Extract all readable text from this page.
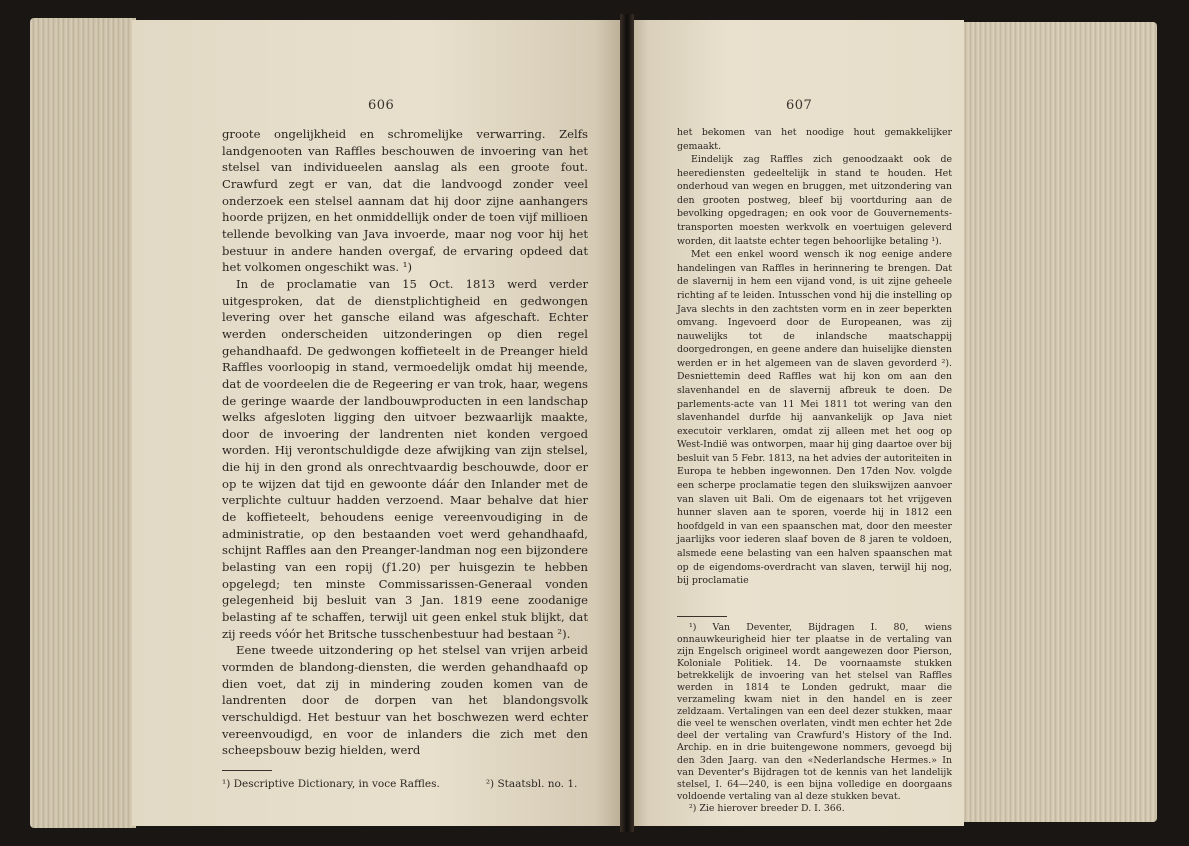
606

groote ongelijkheid en schromelijke verwarring. Zelfs landgenooten van Raffles beschouwen de invoering van het stelsel van individueelen aanslag als een groote fout. Crawfurd zegt er van, dat die landvoogd zonder veel onderzoek een stelsel aannam dat hij door zijne aanhangers hoorde prijzen, en het onmiddellijk onder de toen vijf millioen tellende bevolking van Java invoerde, maar nog voor hij het bestuur in andere handen overgaf, de ervaring opdeed dat het volkomen ongeschikt was. ¹)

In de proclamatie van 15 Oct. 1813 werd verder uitgesproken, dat de dienstplichtigheid en gedwongen levering over het gansche eiland was afgeschaft. Echter werden onderscheiden uitzonderingen op dien regel gehandhaafd. De gedwongen koffieteelt in de Preanger hield Raffles voorloopig in stand, vermoedelijk omdat hij meende, dat de voordeelen die de Regeering er van trok, haar, wegens de geringe waarde der landbouwproducten in een landschap welks afgesloten ligging den uitvoer bezwaarlijk maakte, door de invoering der landrenten niet konden vergoed worden. Hij verontschuldigde deze afwijking van zijn stelsel, die hij in den grond als onrechtvaardig beschouwde, door er op te wijzen dat tijd en gewoonte dáár den Inlander met de verplichte cultuur hadden verzoend. Maar behalve dat hier de koffieteelt, behoudens eenige vereenvoudiging in de administratie, op den bestaanden voet werd gehandhaafd, schijnt Raffles aan den Preanger-landman nog een bijzondere belasting van een ropij (ƒ1.20) per huisgezin te hebben opgelegd; ten minste Commissarissen-Generaal vonden gelegenheid bij besluit van 3 Jan. 1819 eene zoodanige belasting af te schaffen, terwijl uit geen enkel stuk blijkt, dat zij reeds vóór het Britsche tusschenbestuur had bestaan ²).

Eene tweede uitzondering op het stelsel van vrijen arbeid vormden de blandong-diensten, die werden gehandhaafd op dien voet, dat zij in mindering zouden komen van de landrenten door de dorpen van het blandongsvolk verschuldigd. Het bestuur van het boschwezen werd echter vereenvoudigd, en voor de inlanders die zich met den scheepsbouw bezig hielden, werd

¹) Descriptive Dictionary, in voce Raffles.	²) Staatsbl. no. 1.
607

het bekomen van het noodige hout gemakkelijker gemaakt.

Eindelijk zag Raffles zich genoodzaakt ook de heerediensten gedeeltelijk in stand te houden. Het onderhoud van wegen en bruggen, met uitzondering van den grooten postweg, bleef bij voortduring aan de bevolking opgedragen; en ook voor de Gouvernements-transporten moesten werkvolk en voertuigen geleverd worden, dit laatste echter tegen behoorlijke betaling ¹).

Met een enkel woord wensch ik nog eenige andere handelingen van Raffles in herinnering te brengen. Dat de slavernij in hem een vijand vond, is uit zijne geheele richting af te leiden. Intusschen vond hij die instelling op Java slechts in den zachtsten vorm en in zeer beperkten omvang. Ingevoerd door de Europeanen, was zij nauwelijks tot de inlandsche maatschappij doorgedrongen, en geene andere dan huiselijke diensten werden er in het algemeen van de slaven gevorderd ²). Desniettemin deed Raffles wat hij kon om aan den slavenhandel en de slavernij afbreuk te doen. De parlements-acte van 11 Mei 1811 tot wering van den slavenhandel durfde hij aanvankelijk op Java niet executoir verklaren, omdat zij alleen met het oog op West-Indië was ontworpen, maar hij ging daartoe over bij besluit van 5 Febr. 1813, na het advies der autoriteiten in Europa te hebben ingewonnen. Den 17den Nov. volgde een scherpe proclamatie tegen den sluikswijzen aanvoer van slaven uit Bali. Om de eigenaars tot het vrijgeven hunner slaven aan te sporen, voerde hij in 1812 een hoofdgeld in van een spaanschen mat, door den meester jaarlijks voor iederen slaaf boven de 8 jaren te voldoen, alsmede eene belasting van een halven spaanschen mat op de eigendoms-overdracht van slaven, terwijl hij nog, bij proclamatie

¹) Van Deventer, Bijdragen I. 80, wiens onnauwkeurigheid hier ter plaatse in de vertaling van zijn Engelsch origineel wordt aangewezen door Pierson, Koloniale Politiek. 14. De voornaamste stukken betrekkelijk de invoering van het stelsel van Raffles werden in 1814 te Londen gedrukt, maar die verzameling kwam niet in den handel en is zeer zeldzaam. Vertalingen van een deel dezer stukken, maar die veel te wenschen overlaten, vindt men echter het 2de deel der vertaling van Crawfurd's History of the Ind. Archip. en in drie buitengewone nommers, gevoegd bij den 3den Jaarg. van den «Nederlandsche Hermes.» In van Deventer's Bijdragen tot de kennis van het landelijk stelsel, I. 64—240, is een bijna volledige en doorgaans voldoende vertaling van al deze stukken bevat.

²) Zie hierover breeder D. I. 366.
